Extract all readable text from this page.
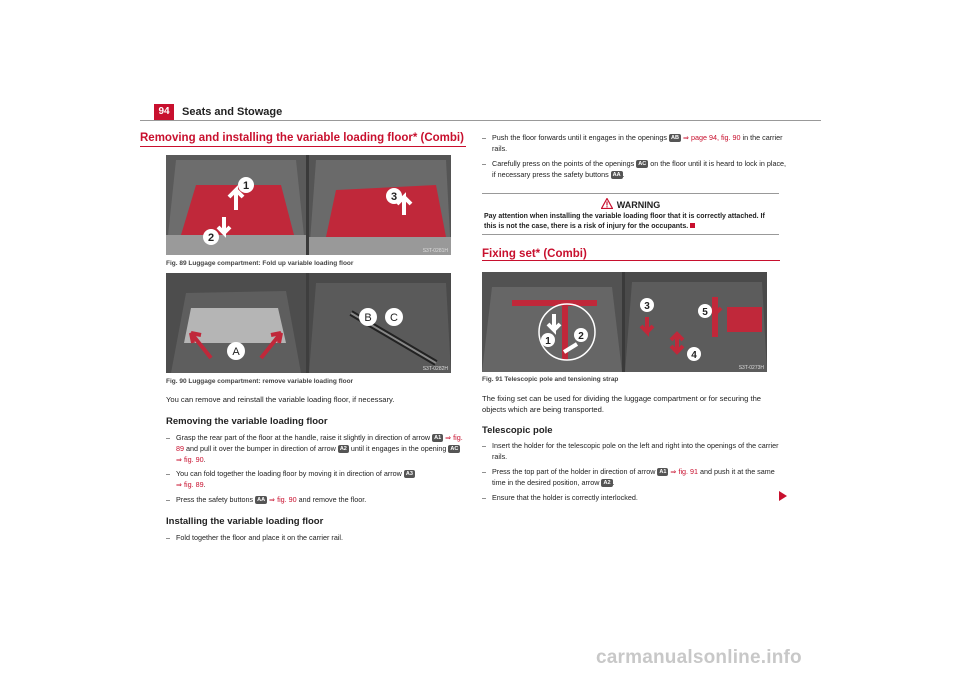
94	Seats and Stowage
Removing and installing the variable loading floor* (Combi)
1
2
3
S3T-0281H
Fig. 89 Luggage compartment: Fold up variable loading floor
A
B C
S3T-0282H
Fig. 90 Luggage compartment: remove variable loading floor
You can remove and reinstall the variable loading floor, if necessary.
Removing the variable loading floor
– Grasp the rear part of the floor at the handle, raise it slightly in direction of arrow A1 ⇒ fig. 89 and pull it over the bumper in direction of arrow A2 until it engages in the opening AC ⇒ fig. 90.
– You can fold together the loading floor by moving it in direction of arrow A3
⇒ fig. 89.
– Press the safety buttons AA ⇒ fig. 90 and remove the floor.
Installing the variable loading floor
– Fold together the floor and place it on the carrier rail.
– Push the floor forwards until it engages in the openings AB ⇒ page 94, fig. 90 in the carrier rails.
– Carefully press on the points of the openings AC on the floor until it is heard to lock in place, if necessary press the safety buttons AA .
WARNING
Pay attention when installing the variable loading floor that it is correctly attached. If this is not the case, there is a risk of injury for the occupants.
Fixing set* (Combi)
1	2
3
4
5
S3T-0273H
Fig. 91 Telescopic pole and tensioning strap
The fixing set can be used for dividing the luggage compartment or for securing the objects which are being transported.
Telescopic pole
– Insert the holder for the telescopic pole on the left and right into the openings of the carrier rails.
– Press the top part of the holder in direction of arrow A1 ⇒ fig. 91 and push it at the same time in the desired position, arrow A2 .
– Ensure that the holder is correctly interlocked.
carmanualsonline.info
